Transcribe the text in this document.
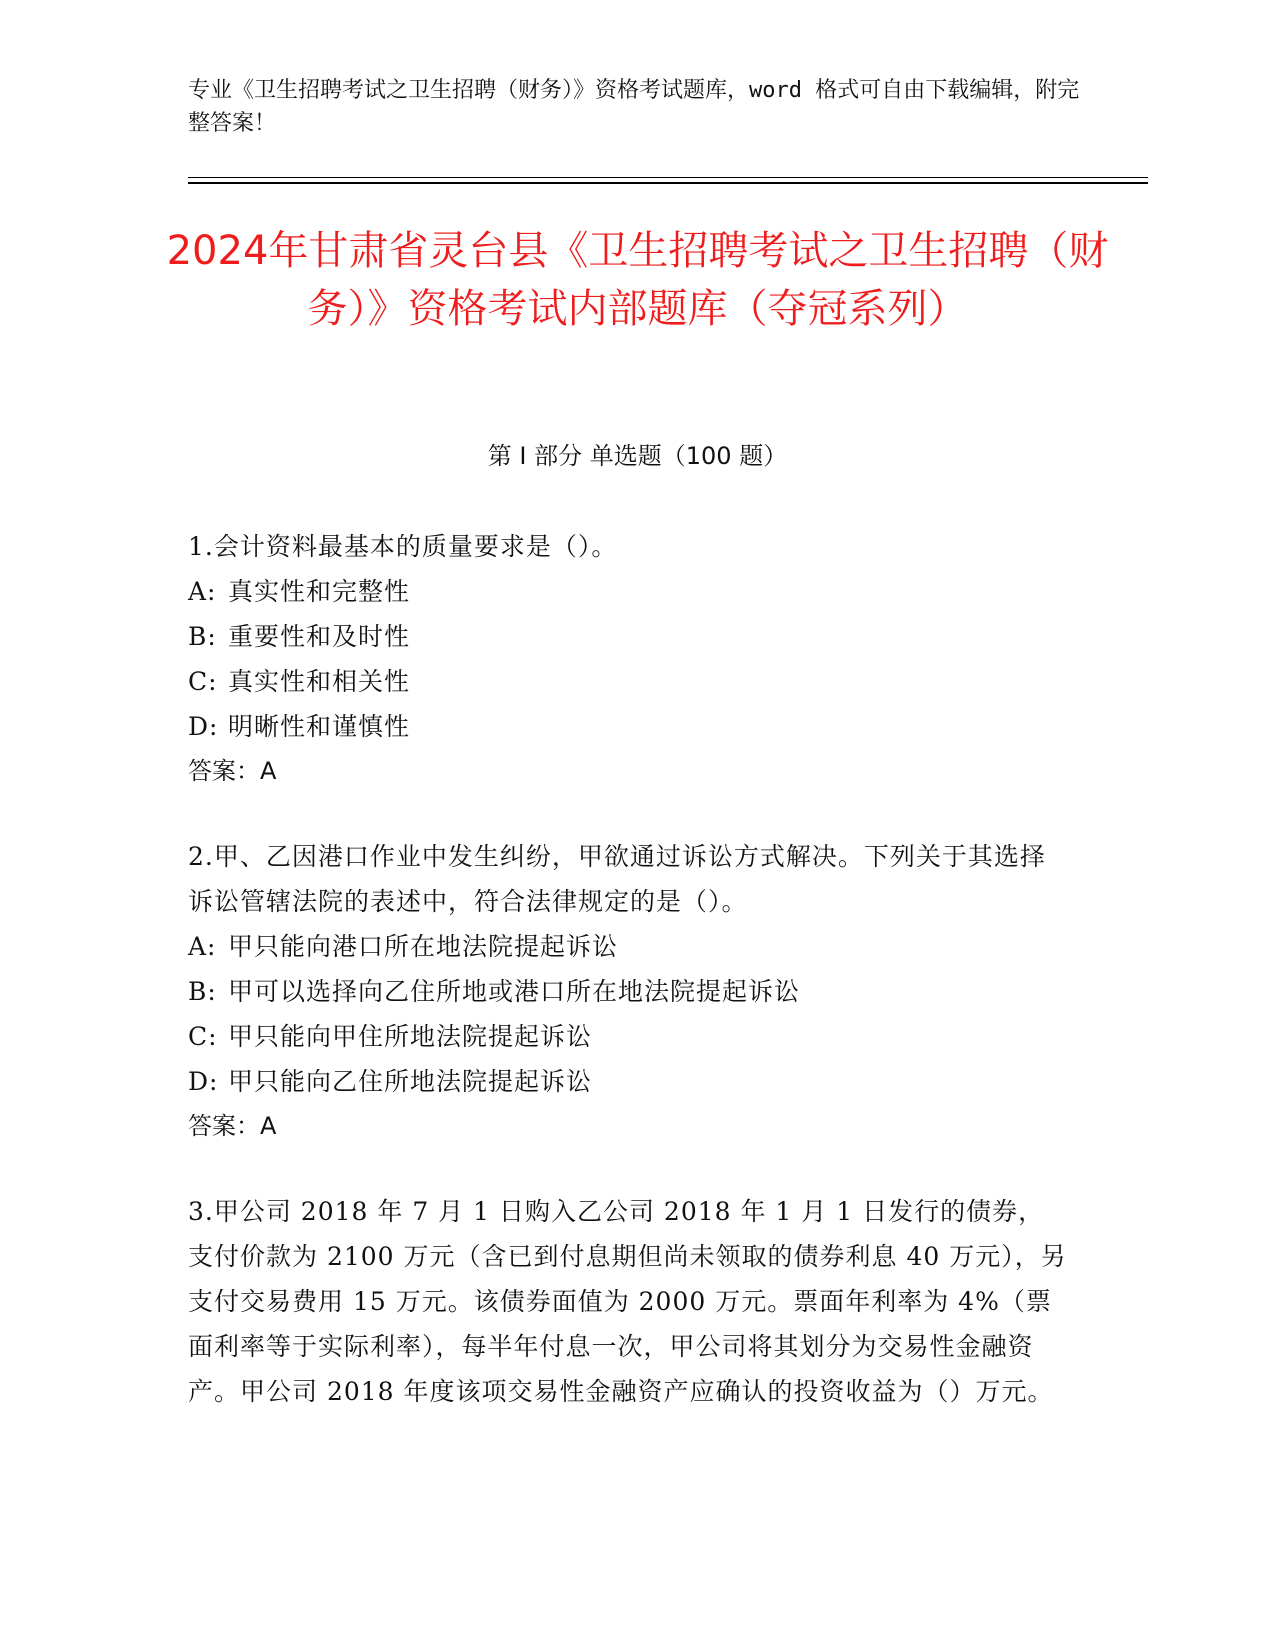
专业《卫生招聘考试之卫生招聘（财务）》资格考试题库，word 格式可自由下载编辑，附完整答案！
2024年甘肃省灵台县《卫生招聘考试之卫生招聘（财务）》资格考试内部题库（夺冠系列）
第 I 部分 单选题（100 题）
1.会计资料最基本的质量要求是（）。
A: 真实性和完整性
B: 重要性和及时性
C: 真实性和相关性
D: 明晰性和谨慎性
答案：A
2.甲、乙因港口作业中发生纠纷，甲欲通过诉讼方式解决。下列关于其选择诉讼管辖法院的表述中，符合法律规定的是（）。
A: 甲只能向港口所在地法院提起诉讼
B: 甲可以选择向乙住所地或港口所在地法院提起诉讼
C: 甲只能向甲住所地法院提起诉讼
D: 甲只能向乙住所地法院提起诉讼
答案：A
3.甲公司 2018 年 7 月 1 日购入乙公司 2018 年 1 月 1 日发行的债券，支付价款为 2100 万元（含已到付息期但尚未领取的债券利息 40 万元），另支付交易费用 15 万元。该债券面值为 2000 万元。票面年利率为 4%（票面利率等于实际利率），每半年付息一次，甲公司将其划分为交易性金融资产。甲公司 2018 年度该项交易性金融资产应确认的投资收益为（）万元。
